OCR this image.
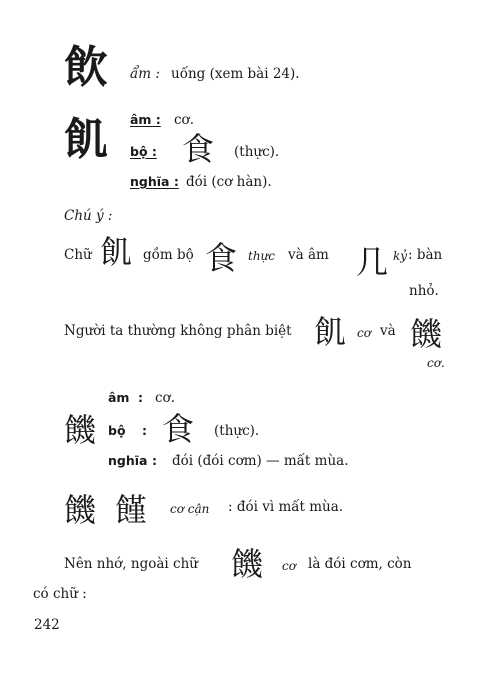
飲 ẩm : uống (xem bài 24).
飢 âm : cơ.
bộ : 食 (thực).
nghĩa : đói (cơ hàn).
Chú ý :
Chữ 飢 gồm bộ 食 thực và âm 几 kỷ : bàn
nhỏ.
Người ta thường không phân biệt 飢 cơ và 饑
cơ.
âm : cơ.
饑 bộ : 食 (thực).
nghĩa : đói (đói cơm) — mất mùa.
饑 饉 cơ cận : đói vì mất mùa.
Nên nhớ, ngoài chữ 饑 cơ là đói cơm, còn
có chữ :
242
